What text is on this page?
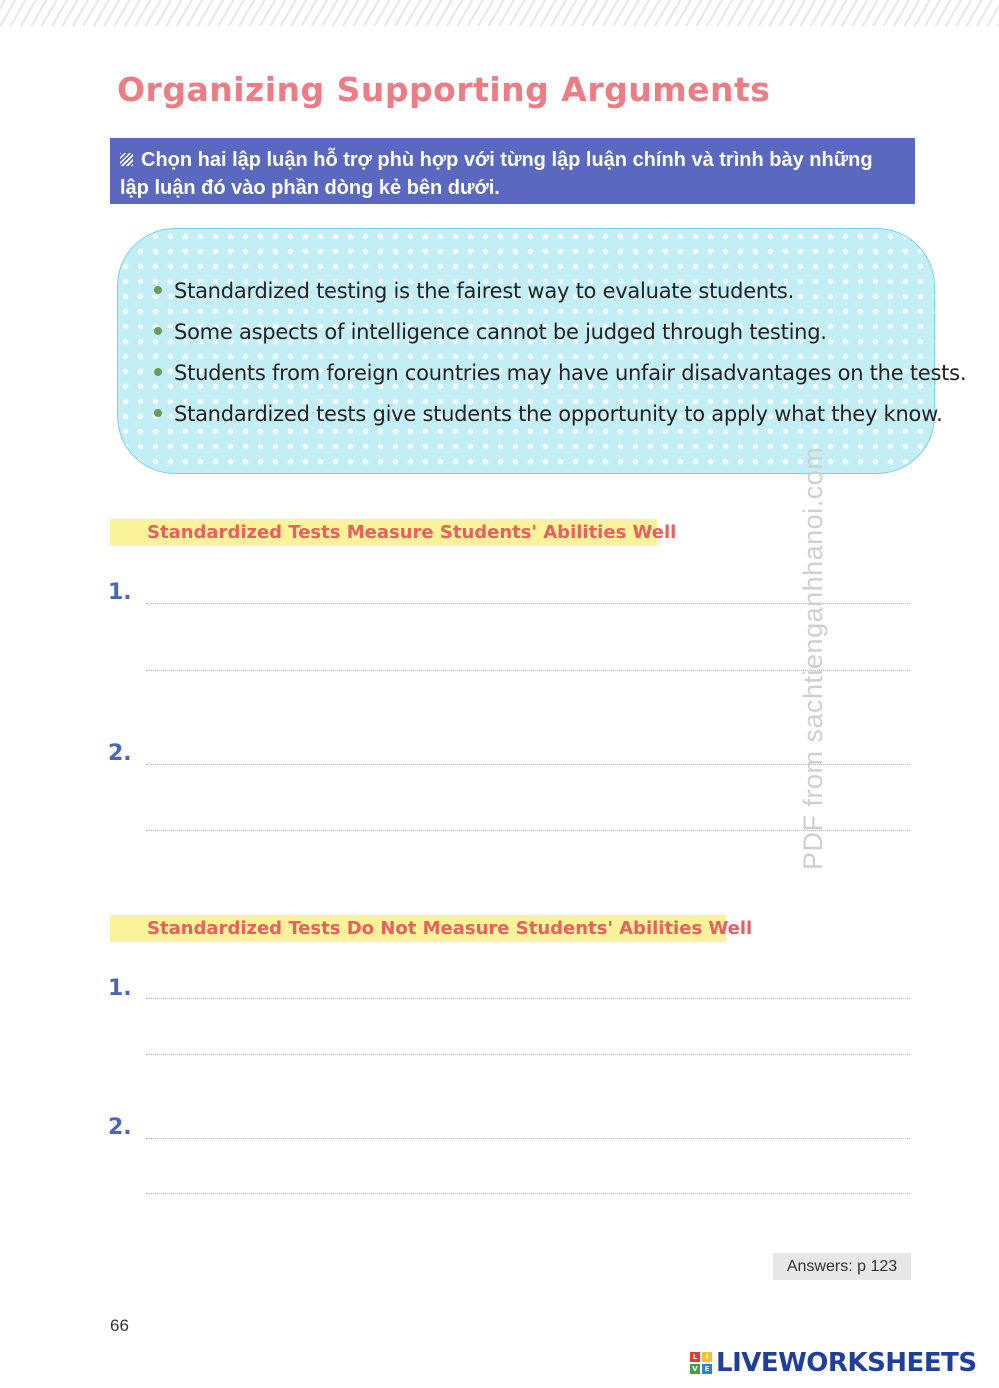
Organizing Supporting Arguments
Chọn hai lập luận hỗ trợ phù hợp với từng lập luận chính và trình bày những lập luận đó vào phần dòng kẻ bên dưới.
Standardized testing is the fairest way to evaluate students.
Some aspects of intelligence cannot be judged through testing.
Students from foreign countries may have unfair disadvantages on the tests.
Standardized tests give students the opportunity to apply what they know.
Standardized Tests Measure Students' Abilities Well
1.
2.
Standardized Tests Do Not Measure Students' Abilities Well
1.
2.
PDF from sachtienganhhanoi.com
Answers: p 123
66
L	I
V E LIVEWORKSHEETS
